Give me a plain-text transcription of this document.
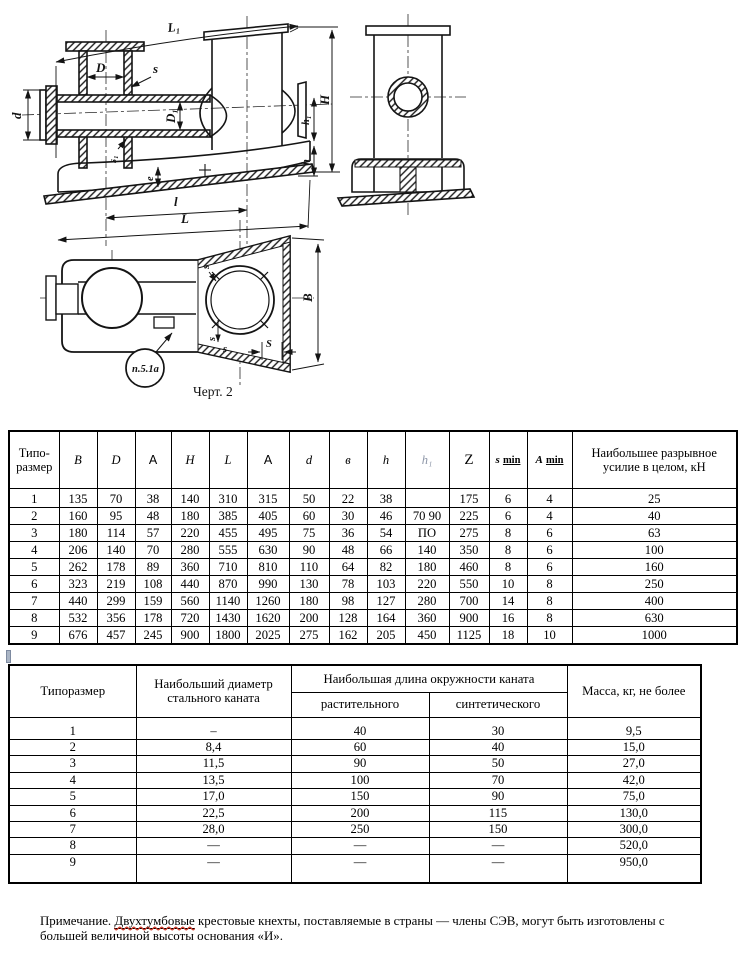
L₁
D	s
d	D₁
s₁
e
H
h₁
h
l
L
B
S
s
s
s
п.5.1а
Черт. 2
Типо-размер	B	D	A	H	L	A	d	в	h	h₁	Z	s min	A min	Наибольшее разрывное усилие в целом, кН
1	135	70	38	140	310	315	50	22	38		175	6	4	25
2	160	95	48	180	385	405	60	30	46	70 90	225	6	4	40
3	180	114	57	220	455	495	75	36	54	ПО	275	8	6	63
4	206	140	70	280	555	630	90	48	66	140	350	8	6	100
5	262	178	89	360	710	810	110	64	82	180	460	8	6	160
6	323	219	108	440	870	990	130	78	103	220	550	10	8	250
7	440	299	159	560	1140	1260	180	98	127	280	700	14	8	400
8	532	356	178	720	1430	1620	200	128	164	360	900	16	8	630
9	676	457	245	900	1800	2025	275	162	205	450	1125	18	10	1000
Типоразмер	Наибольший диаметр стального каната	Наибольшая длина окружности каната		Масса, кг, не более
		растительного	синтетического	
1	–	40	30	9,5
2	8,4	60	40	15,0
3	11,5	90	50	27,0
4	13,5	100	70	42,0
5	17,0	150	90	75,0
6	22,5	200	115	130,0
7	28,0	250	150	300,0
8	—	—	—	520,0
9	—	—	—	950,0

Примечание. Двухтумбовые крестовые кнехты, поставляемые в страны — члены СЭВ, могут быть изготовлены с большей величиной высоты основания «И».
